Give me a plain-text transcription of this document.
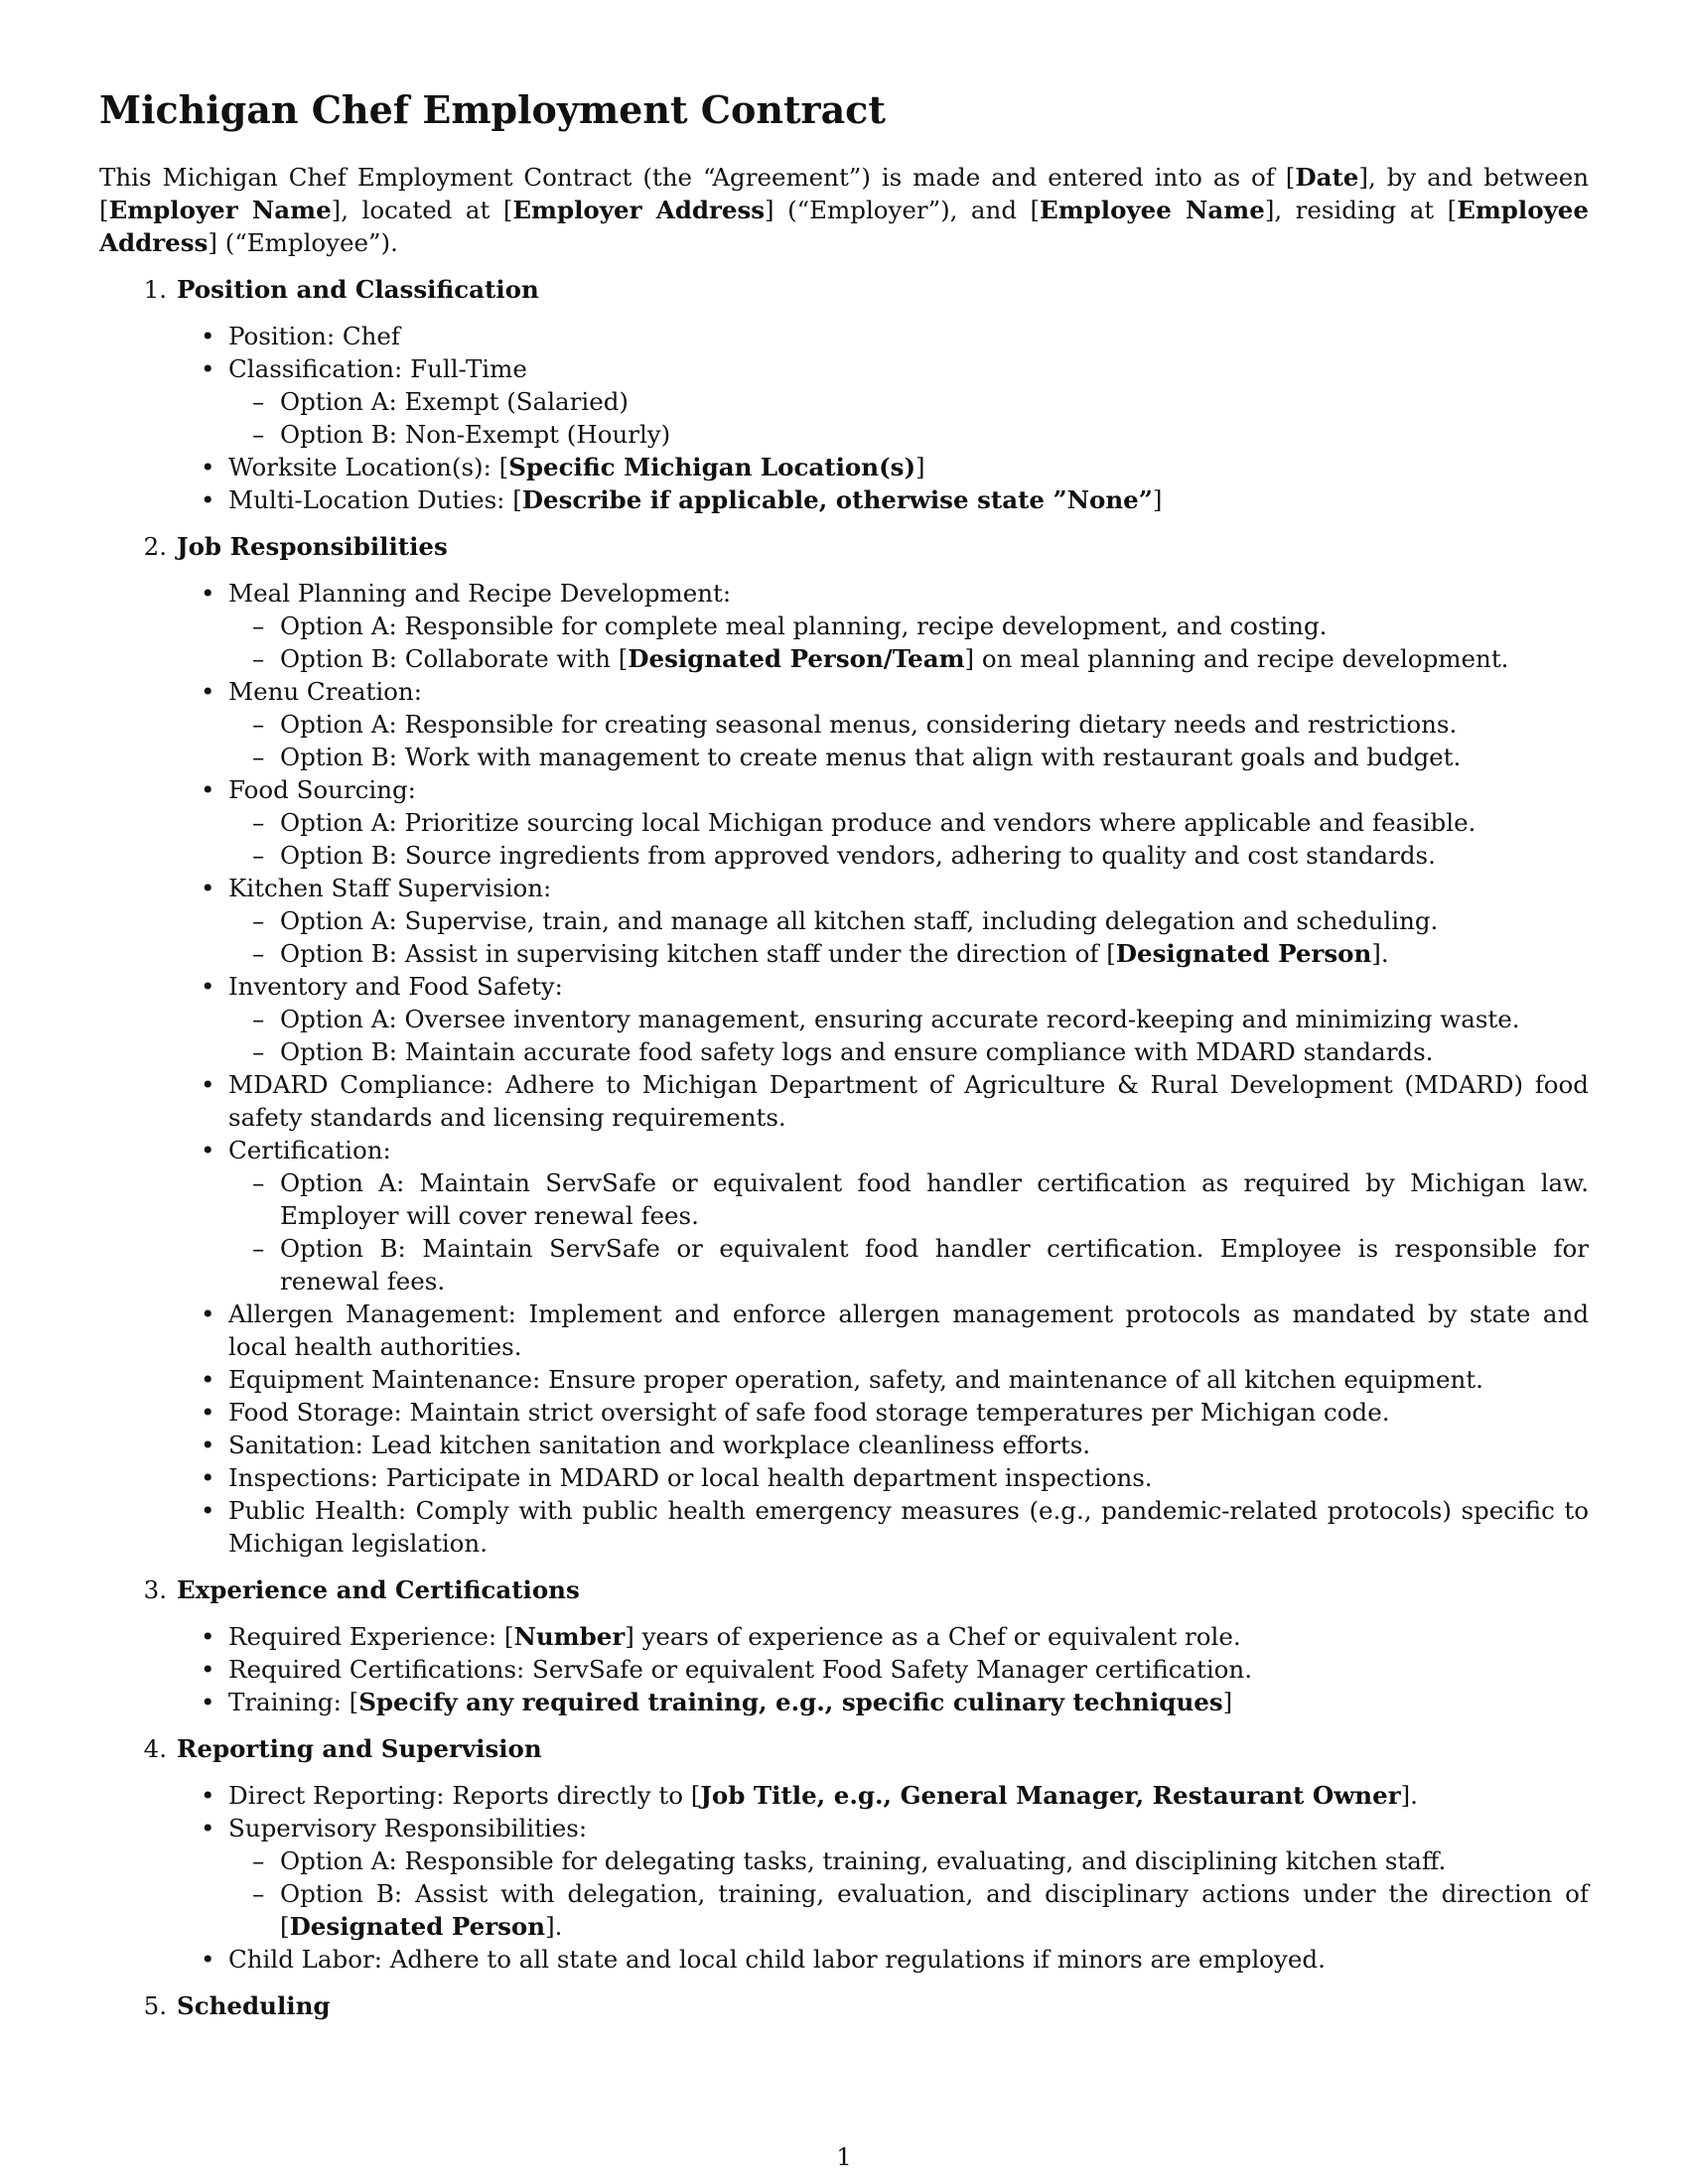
Michigan Chef Employment Contract

This Michigan Chef Employment Contract (the “Agreement”) is made and entered into as of [Date], by and between [Employer Name], located at [Employer Address] (“Employer”), and [Employee Name], residing at [Employee Address] (“Employee”).

1. Position and Classification
• Position: Chef
• Classification: Full-Time
– Option A: Exempt (Salaried)
– Option B: Non-Exempt (Hourly)
• Worksite Location(s): [Specific Michigan Location(s)]
• Multi-Location Duties: [Describe if applicable, otherwise state ”None”]
2. Job Responsibilities
• Meal Planning and Recipe Development:
– Option A: Responsible for complete meal planning, recipe development, and costing.
– Option B: Collaborate with [Designated Person/Team] on meal planning and recipe development.
• Menu Creation:
– Option A: Responsible for creating seasonal menus, considering dietary needs and restrictions.
– Option B: Work with management to create menus that align with restaurant goals and budget.
• Food Sourcing:
– Option A: Prioritize sourcing local Michigan produce and vendors where applicable and feasible.
– Option B: Source ingredients from approved vendors, adhering to quality and cost standards.
• Kitchen Staff Supervision:
– Option A: Supervise, train, and manage all kitchen staff, including delegation and scheduling.
– Option B: Assist in supervising kitchen staff under the direction of [Designated Person].
• Inventory and Food Safety:
– Option A: Oversee inventory management, ensuring accurate record-keeping and minimizing waste.
– Option B: Maintain accurate food safety logs and ensure compliance with MDARD standards.
• MDARD Compliance: Adhere to Michigan Department of Agriculture & Rural Development (MDARD) food safety standards and licensing requirements.
• Certification:
– Option A: Maintain ServSafe or equivalent food handler certification as required by Michigan law. Employer will cover renewal fees.
– Option B: Maintain ServSafe or equivalent food handler certification. Employee is responsible for renewal fees.
• Allergen Management: Implement and enforce allergen management protocols as mandated by state and local health authorities.
• Equipment Maintenance: Ensure proper operation, safety, and maintenance of all kitchen equipment.
• Food Storage: Maintain strict oversight of safe food storage temperatures per Michigan code.
• Sanitation: Lead kitchen sanitation and workplace cleanliness efforts.
• Inspections: Participate in MDARD or local health department inspections.
• Public Health: Comply with public health emergency measures (e.g., pandemic-related protocols) specific to Michigan legislation.
3. Experience and Certifications
• Required Experience: [Number] years of experience as a Chef or equivalent role.
• Required Certifications: ServSafe or equivalent Food Safety Manager certification.
• Training: [Specify any required training, e.g., specific culinary techniques]
4. Reporting and Supervision
• Direct Reporting: Reports directly to [Job Title, e.g., General Manager, Restaurant Owner].
• Supervisory Responsibilities:
– Option A: Responsible for delegating tasks, training, evaluating, and disciplining kitchen staff.
– Option B: Assist with delegation, training, evaluation, and disciplinary actions under the direction of [Designated Person].
• Child Labor: Adhere to all state and local child labor regulations if minors are employed.
5. Scheduling
1
